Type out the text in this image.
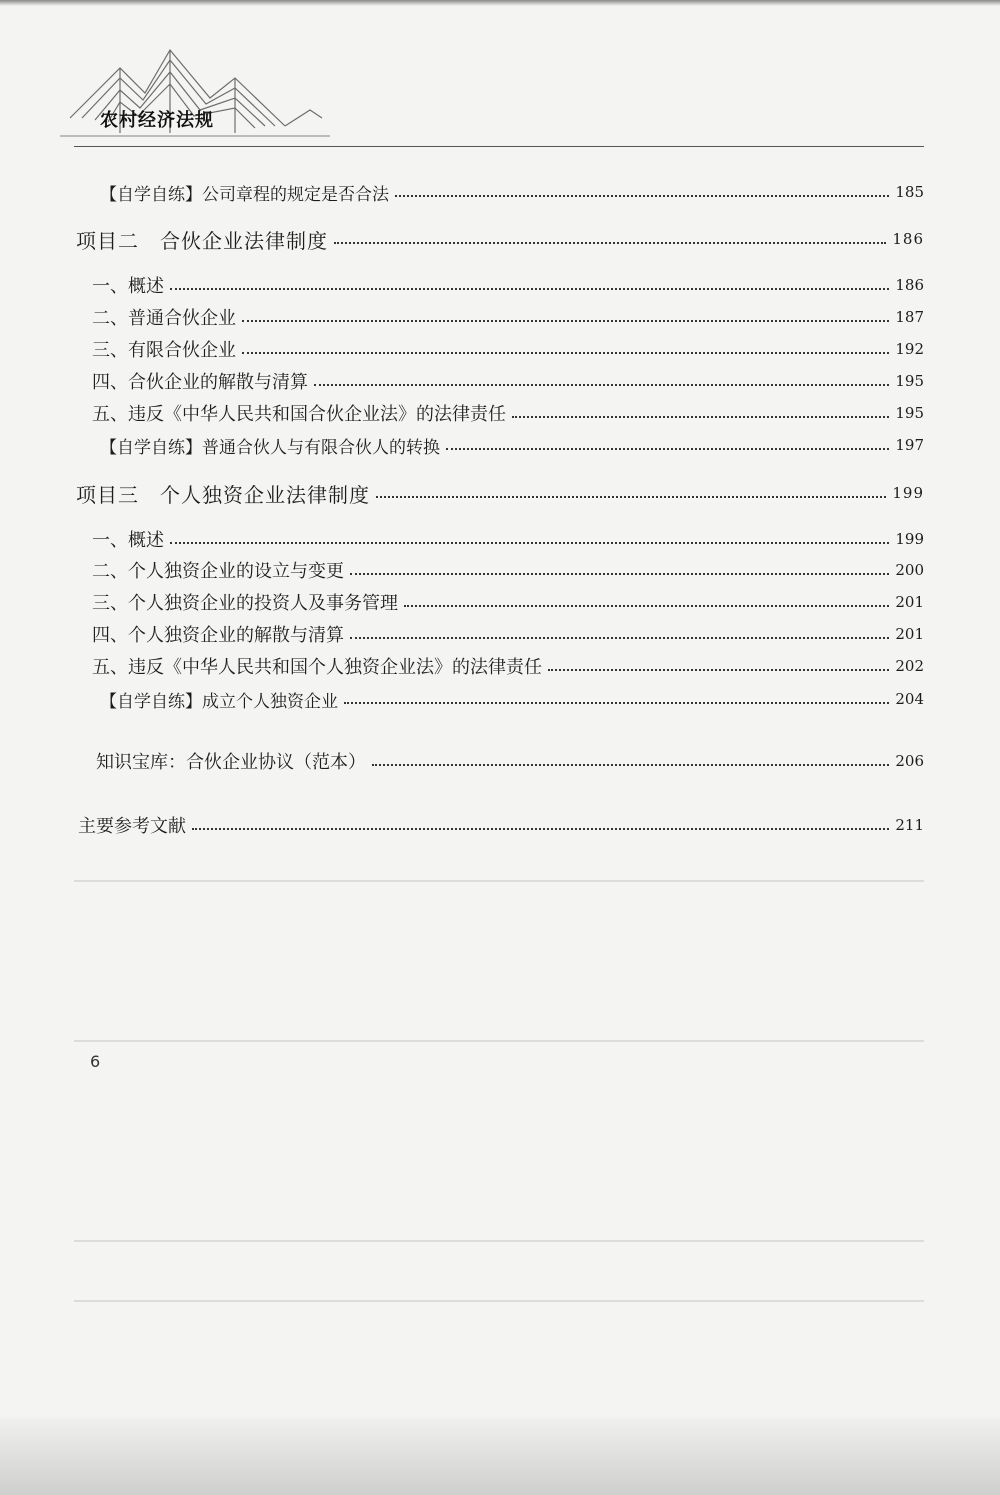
农村经济法规
【自学自练】公司章程的规定是否合法	185
项目二　合伙企业法律制度	186
一、概述	186
二、普通合伙企业	187
三、有限合伙企业	192
四、合伙企业的解散与清算	195
五、违反《中华人民共和国合伙企业法》的法律责任	195
【自学自练】普通合伙人与有限合伙人的转换	197
项目三　个人独资企业法律制度	199
一、概述	199
二、个人独资企业的设立与变更	200
三、个人独资企业的投资人及事务管理	201
四、个人独资企业的解散与清算	201
五、违反《中华人民共和国个人独资企业法》的法律责任	202
【自学自练】成立个人独资企业	204
知识宝库：合伙企业协议（范本）	206
主要参考文献	211
6
